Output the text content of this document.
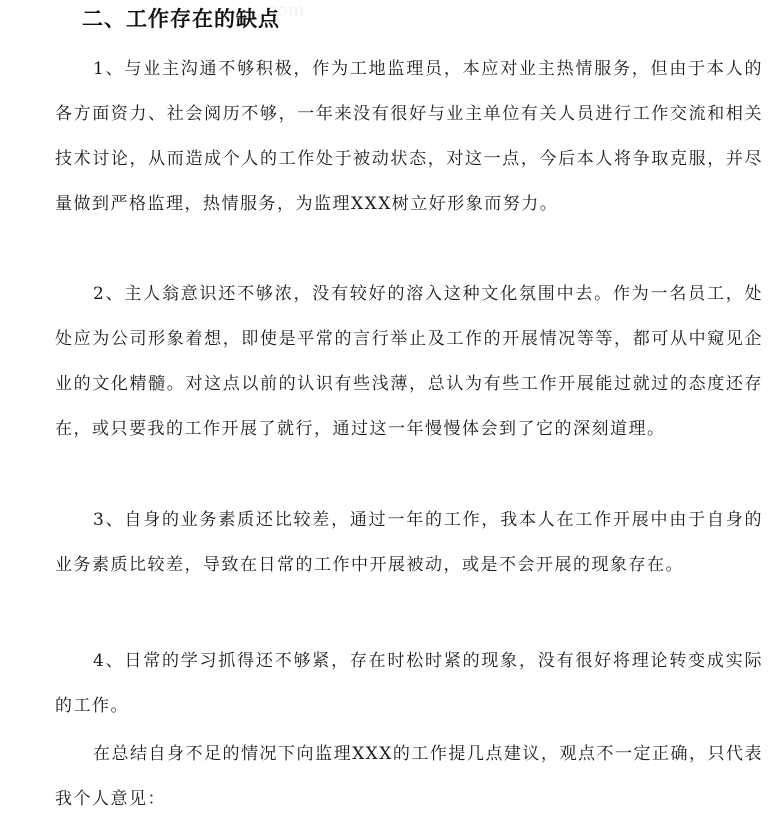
.com
二、工作存在的缺点

1、与业主沟通不够积极，作为工地监理员，本应对业主热情服务，但由于本人的各方面资力、社会阅历不够，一年来没有很好与业主单位有关人员进行工作交流和相关技术讨论，从而造成个人的工作处于被动状态，对这一点，今后本人将争取克服，并尽量做到严格监理，热情服务，为监理XXX树立好形象而努力。

2、主人翁意识还不够浓，没有较好的溶入这种文化氛围中去。作为一名员工，处处应为公司形象着想，即使是平常的言行举止及工作的开展情况等等，都可从中窥见企业的文化精髓。对这点以前的认识有些浅薄，总认为有些工作开展能过就过的态度还存在，或只要我的工作开展了就行，通过这一年慢慢体会到了它的深刻道理。

3、自身的业务素质还比较差，通过一年的工作，我本人在工作开展中由于自身的业务素质比较差，导致在日常的工作中开展被动，或是不会开展的现象存在。

4、日常的学习抓得还不够紧，存在时松时紧的现象，没有很好将理论转变成实际的工作。

在总结自身不足的情况下向监理XXX的工作提几点建议，观点不一定正确，只代表我个人意见：
